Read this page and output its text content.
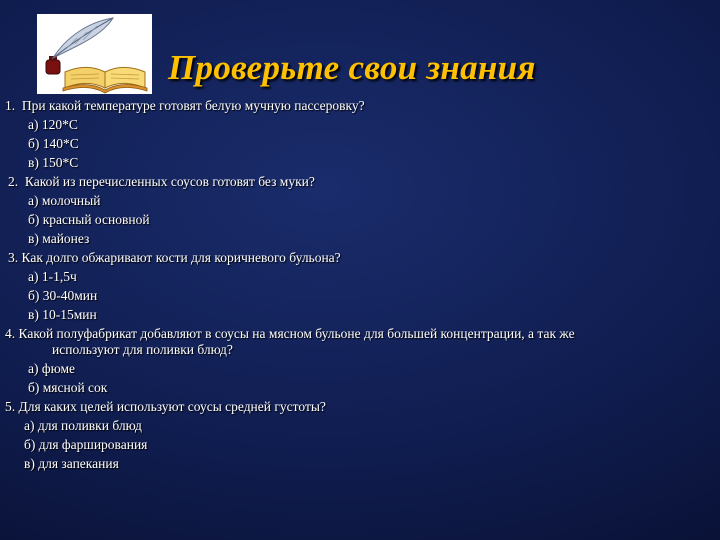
Проверьте свои знания
1. При какой температуре готовят белую мучную пассеровку?
а) 120*С
б) 140*С
в) 150*С
2. Какой из перечисленных соусов готовят без муки?
а) молочный
б) красный основной
в) майонез
3. Как долго обжаривают кости для коричневого бульона?
а) 1-1,5ч
б) 30-40мин
в) 10-15мин
4. Какой полуфабрикат добавляют в соусы на мясном бульоне для большей концентрации, а так же
используют для поливки блюд?
а) фюме
б) мясной сок
5. Для каких целей используют соусы средней густоты?
а) для поливки блюд
б) для фарширования
в) для запекания
